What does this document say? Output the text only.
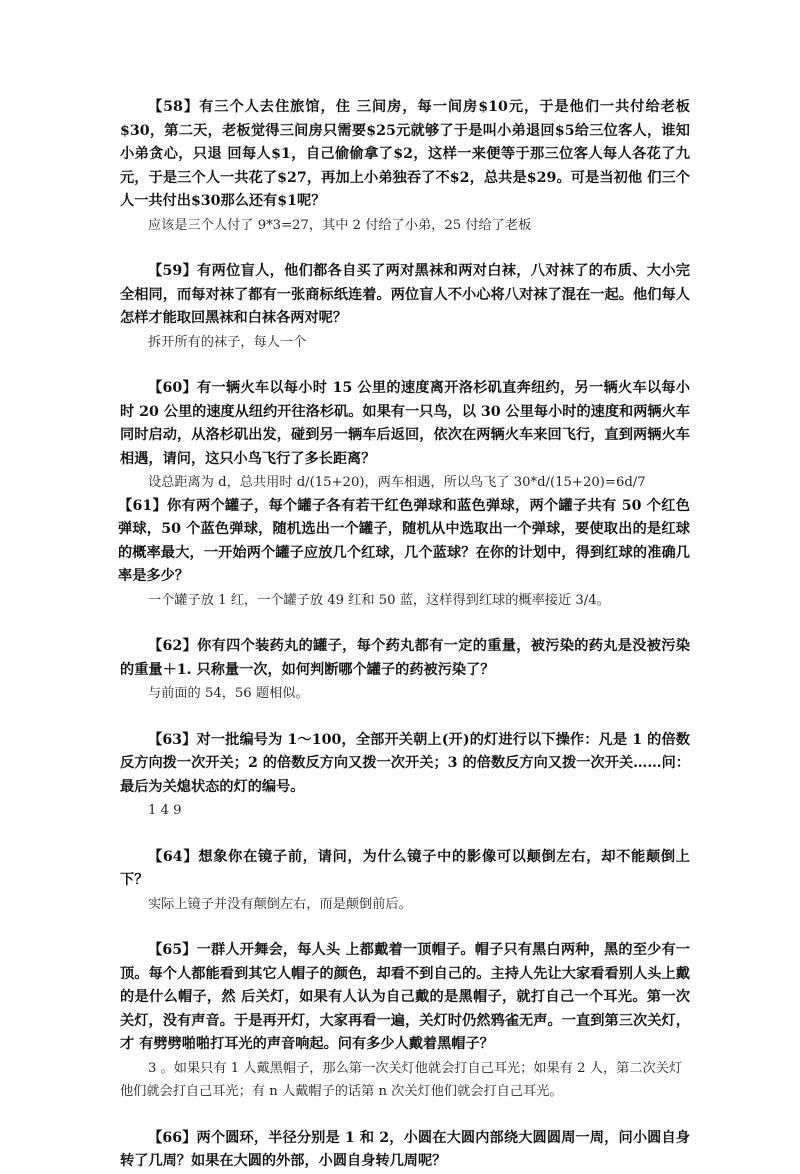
【58】有三个人去住旅馆，住 三间房，每一间房$10元，于是他们一共付给老板$30，第二天，老板觉得三间房只需要$25元就够了于是叫小弟退回$5给三位客人，谁知小弟贪心，只退 回每人$1，自己偷偷拿了$2，这样一来便等于那三位客人每人各花了九元，于是三个人一共花了$27，再加上小弟独吞了不$2，总共是$29。可是当初他 们三个人一共付出$30那么还有$1呢？

应该是三个人付了 9*3=27，其中 2 付给了小弟，25 付给了老板

【59】有两位盲人，他们都各自买了两对黑袜和两对白袜，八对袜了的布质、大小完全相同，而每对袜了都有一张商标纸连着。两位盲人不小心将八对袜了混在一起。他们每人怎样才能取回黑袜和白袜各两对呢？

拆开所有的袜子，每人一个

【60】有一辆火车以每小时 15 公里的速度离开洛杉矶直奔纽约，另一辆火车以每小时 20 公里的速度从纽约开往洛杉矶。如果有一只鸟，以 30 公里每小时的速度和两辆火车同时启动，从洛杉矶出发，碰到另一辆车后返回，依次在两辆火车来回飞行，直到两辆火车相遇，请问，这只小鸟飞行了多长距离？

设总距离为 d，总共用时 d/(15+20)，两车相遇，所以鸟飞了 30*d/(15+20)=6d/7

【61】你有两个罐子，每个罐子各有若干红色弹球和蓝色弹球，两个罐子共有 50 个红色弹球，50 个蓝色弹球，随机选出一个罐子，随机从中选取出一个弹球，要使取出的是红球的概率最大，一开始两个罐子应放几个红球，几个蓝球？在你的计划中，得到红球的准确几率是多少？

一个罐子放 1 红，一个罐子放 49 红和 50 蓝，这样得到红球的概率接近 3/4。

【62】你有四个装药丸的罐子，每个药丸都有一定的重量，被污染的药丸是没被污染的重量＋1. 只称量一次，如何判断哪个罐子的药被污染了？

与前面的 54，56 题相似。

【63】对一批编号为 1～100，全部开关朝上(开)的灯进行以下操作：凡是 1 的倍数反方向拨一次开关；2 的倍数反方向又拨一次开关；3 的倍数反方向又拨一次开关……问：最后为关熄状态的灯的编号。

1 4 9

【64】想象你在镜子前，请问，为什么镜子中的影像可以颠倒左右，却不能颠倒上下？

实际上镜子并没有颠倒左右，而是颠倒前后。

【65】一群人开舞会，每人头 上都戴着一顶帽子。帽子只有黑白两种，黑的至少有一顶。每个人都能看到其它人帽子的颜色，却看不到自己的。主持人先让大家看看别人头上戴的是什么帽子，然 后关灯，如果有人认为自己戴的是黑帽子，就打自己一个耳光。第一次关灯，没有声音。于是再开灯，大家再看一遍，关灯时仍然鸦雀无声。一直到第三次关灯，才 有劈劈啪啪打耳光的声音响起。问有多少人戴着黑帽子？

3 。如果只有 1 人戴黑帽子，那么第一次关灯他就会打自己耳光；如果有 2 人，第二次关灯他们就会打自己耳光；有 n 人戴帽子的话第 n 次关灯他们就会打自己耳光。

【66】两个圆环，半径分别是 1 和 2，小圆在大圆内部绕大圆圆周一周，问小圆自身转了几周？如果在大圆的外部，小圆自身转几周呢？
